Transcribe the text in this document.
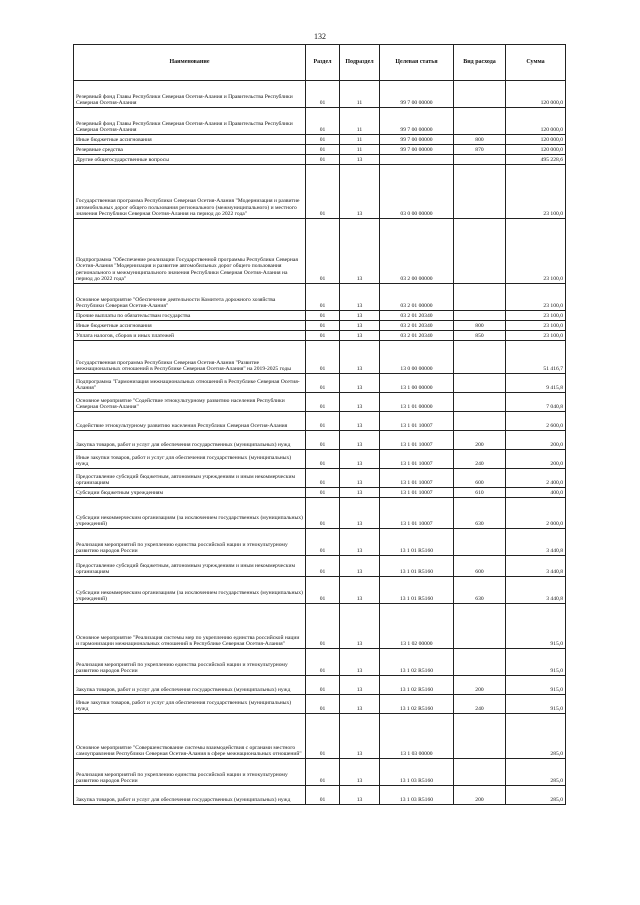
132
Наименование	Раздел	Подраздел	Целевая статья	Вид расхода	Сумма
Резервный фонд Главы Республики Северная Осетия-Алания и Правительства Республики Северная Осетия-Алания	01	11	99 7 00 00000		120 000,0
Резервный фонд Главы Республики Северная Осетия-Алания и Правительства Республики Северная Осетия-Алания	01	11	99 7 00 00000		120 000,0
Иные бюджетные ассигнования	01	11	99 7 00 00000	800	120 000,0
Резервные средства	01	11	99 7 00 00000	870	120 000,0
Другие общегосударственные вопросы	01	13			495 228,6
Государственная программа Республики Северная Осетия-Алания "Модернизация и развитие автомобильных дорог общего пользования регионального (межмуниципального) и местного значения Республики Северная Осетия-Алания на период до 2022 года"	01	13	03 0 00 00000		23 100,0
Подпрограмма "Обеспечение реализации Государственной программы Республики Северная Осетия-Алания "Модернизация и развитие автомобильных дорог общего пользования регионального и межмуниципального значения Республики Северная Осетия-Алания на период до 2022 года"	01	13	03 2 00 00000		23 100,0
Основное мероприятие "Обеспечение деятельности Комитета дорожного хозяйства Республики Северная Осетия-Алания"	01	13	03 2 01 00000		23 100,0
Прочие выплаты по обязательствам государства	01	13	03 2 01 20340		23 100,0
Иные бюджетные ассигнования	01	13	03 2 01 20340	800	23 100,0
Уплата налогов, сборов и иных платежей	01	13	03 2 01 20340	850	23 100,0
Государственная программа Республики Северная Осетия-Алания "Развитие межнациональных отношений в Республике Северная Осетия-Алания" на 2019-2025 годы	01	13	13 0 00 00000		51 416,7
Подпрограмма "Гармонизация межнациональных отношений в Республике Северная Осетия-Алания"	01	13	13 1 00 00000		9 415,8
Основное мероприятие "Содействие этнокультурному развитию населения Республики Северная Осетия-Алания"	01	13	13 1 01 00000		7 040,8
Содействие этнокультурному развитию населения Республики Северная Осетия-Алания	01	13	13 1 01 10007		2 600,0
Закупка товаров, работ и услуг для обеспечения государственных (муниципальных) нужд	01	13	13 1 01 10007	200	200,0
Иные закупки товаров, работ и услуг для обеспечения государственных (муниципальных) нужд	01	13	13 1 01 10007	240	200,0
Предоставление субсидий бюджетным, автономным учреждениям и иным некоммерческим организациям	01	13	13 1 01 10007	600	2 400,0
Субсидии бюджетным учреждениям	01	13	13 1 01 10007	610	400,0
Субсидии некоммерческим организациям (за исключением государственных (муниципальных) учреждений)	01	13	13 1 01 10007	630	2 000,0
Реализация мероприятий по укреплению единства российской нации и этнокультурному развитию народов России	01	13	13 1 01 R5160		3 440,8
Предоставление субсидий бюджетным, автономным учреждениям и иным некоммерческим организациям	01	13	13 1 01 R5160	600	3 440,8
Субсидии некоммерческим организациям (за исключением государственных (муниципальных) учреждений)	01	13	13 1 01 R5160	630	3 440,8
Основное мероприятие "Реализация системы мер по укреплению единства российской нации и гармонизации межнациональных отношений в Республике Северная Осетия-Алания"	01	13	13 1 02 00000		915,0
Реализация мероприятий по укреплению единства российской нации и этнокультурному развитию народов России	01	13	13 1 02 R5160		915,0
Закупка товаров, работ и услуг для обеспечения государственных (муниципальных) нужд	01	13	13 1 02 R5160	200	915,0
Иные закупки товаров, работ и услуг для обеспечения государственных (муниципальных) нужд	01	13	13 1 02 R5160	240	915,0
Основное мероприятие "Совершенствование системы взаимодействия с органами местного самоуправления Республики Северная Осетия-Алания в сфере межнациональных отношений"	01	13	13 1 03 00000		285,0
Реализация мероприятий по укреплению единства российской нации и этнокультурному развитию народов России	01	13	13 1 03 R5160		285,0
Закупка товаров, работ и услуг для обеспечения государственных (муниципальных) нужд	01	13	13 1 03 R5160	200	285,0
